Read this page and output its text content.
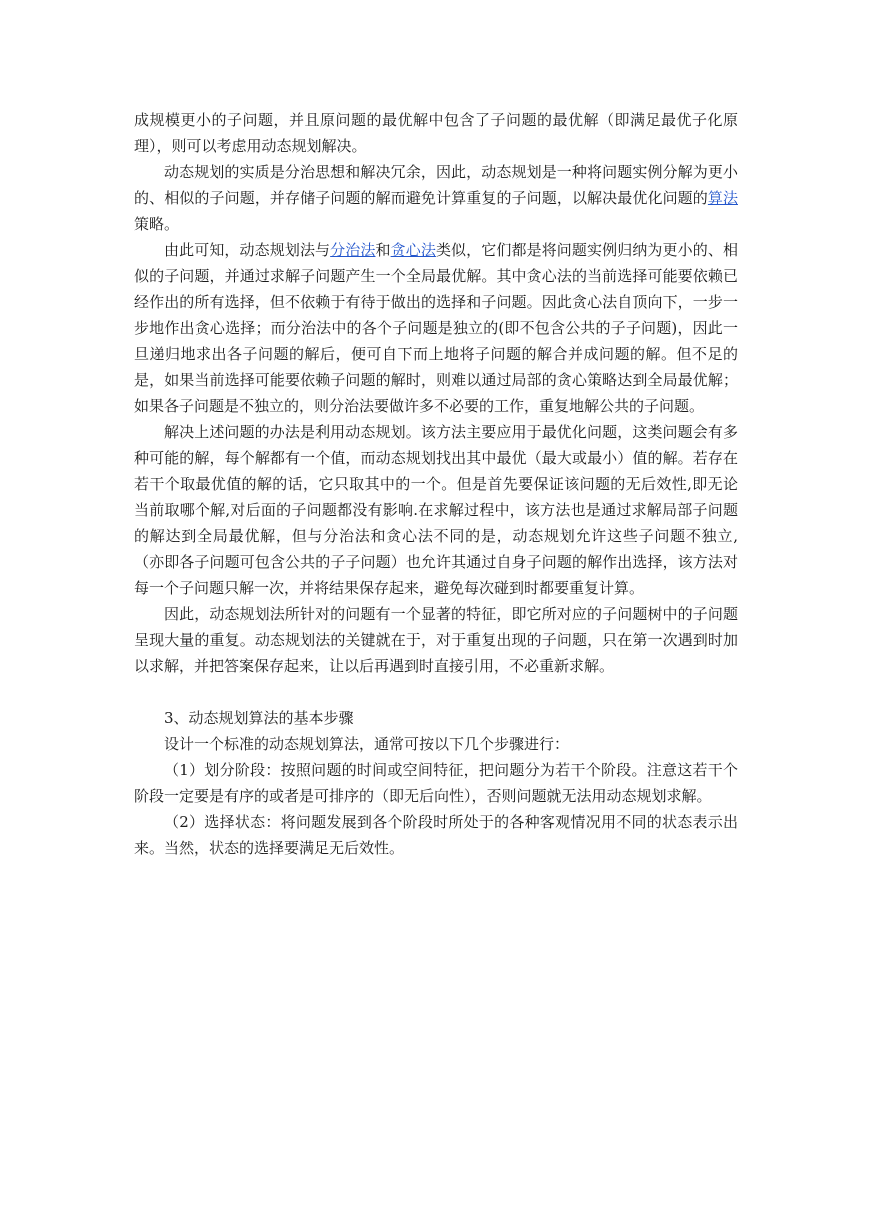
成规模更小的子问题，并且原问题的最优解中包含了子问题的最优解（即满足最优子化原理），则可以考虑用动态规划解决。

动态规划的实质是分治思想和解决冗余，因此，动态规划是一种将问题实例分解为更小的、相似的子问题，并存储子问题的解而避免计算重复的子问题，以解决最优化问题的算法策略。

由此可知，动态规划法与分治法和贪心法类似，它们都是将问题实例归纳为更小的、相似的子问题，并通过求解子问题产生一个全局最优解。其中贪心法的当前选择可能要依赖已经作出的所有选择，但不依赖于有待于做出的选择和子问题。因此贪心法自顶向下，一步一步地作出贪心选择；而分治法中的各个子问题是独立的(即不包含公共的子子问题)，因此一旦递归地求出各子问题的解后，便可自下而上地将子问题的解合并成问题的解。但不足的是，如果当前选择可能要依赖子问题的解时，则难以通过局部的贪心策略达到全局最优解；如果各子问题是不独立的，则分治法要做许多不必要的工作，重复地解公共的子问题。

解决上述问题的办法是利用动态规划。该方法主要应用于最优化问题，这类问题会有多种可能的解，每个解都有一个值，而动态规划找出其中最优（最大或最小）值的解。若存在若干个取最优值的解的话，它只取其中的一个。但是首先要保证该问题的无后效性,即无论当前取哪个解,对后面的子问题都没有影响.在求解过程中，该方法也是通过求解局部子问题的解达到全局最优解，但与分治法和贪心法不同的是，动态规划允许这些子问题不独立,（亦即各子问题可包含公共的子子问题）也允许其通过自身子问题的解作出选择，该方法对每一个子问题只解一次，并将结果保存起来，避免每次碰到时都要重复计算。

因此，动态规划法所针对的问题有一个显著的特征，即它所对应的子问题树中的子问题呈现大量的重复。动态规划法的关键就在于，对于重复出现的子问题，只在第一次遇到时加以求解，并把答案保存起来，让以后再遇到时直接引用，不必重新求解。

3、动态规划算法的基本步骤

设计一个标准的动态规划算法，通常可按以下几个步骤进行：

（1）划分阶段：按照问题的时间或空间特征，把问题分为若干个阶段。注意这若干个阶段一定要是有序的或者是可排序的（即无后向性），否则问题就无法用动态规划求解。

（2）选择状态：将问题发展到各个阶段时所处于的各种客观情况用不同的状态表示出来。当然，状态的选择要满足无后效性。
